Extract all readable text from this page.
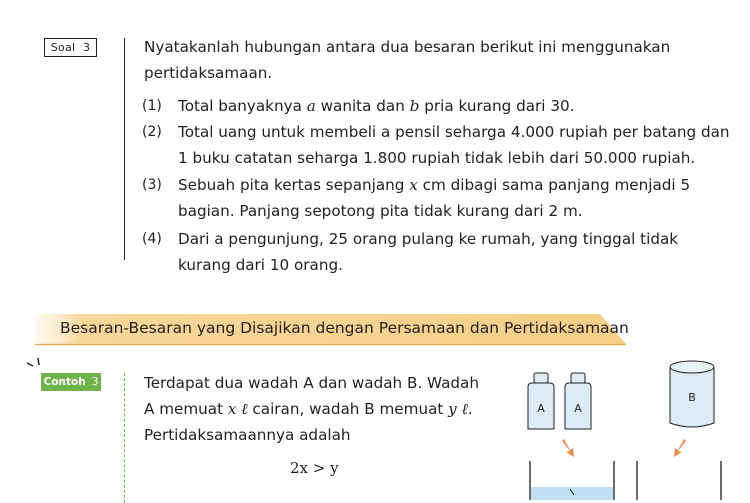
Soal
3	Nyatakanlah hubungan antara dua besaran berikut ini menggunakan pertidaksamaan.
(1)	Total banyaknya a wanita dan b pria kurang dari 30.
(2)	Total uang untuk membeli a pensil seharga 4.000 rupiah per batang dan 1 buku catatan seharga 1.800 rupiah tidak lebih dari 50.000 rupiah.
(3)	Sebuah pita kertas sepanjang x cm dibagi sama panjang menjadi 5 bagian. Panjang sepotong pita tidak kurang dari 2 m.
(4)	Dari a pengunjung, 25 orang pulang ke rumah, yang tinggal tidak kurang dari 10 orang.
Besaran-Besaran yang Disajikan dengan Persamaan dan Pertidaksamaan
Contoh 3	Terdapat dua wadah A dan wadah B. Wadah A memuat x ℓ cairan, wadah B memuat y ℓ. Pertidaksamaannya adalah
2x > y
A	A
B
